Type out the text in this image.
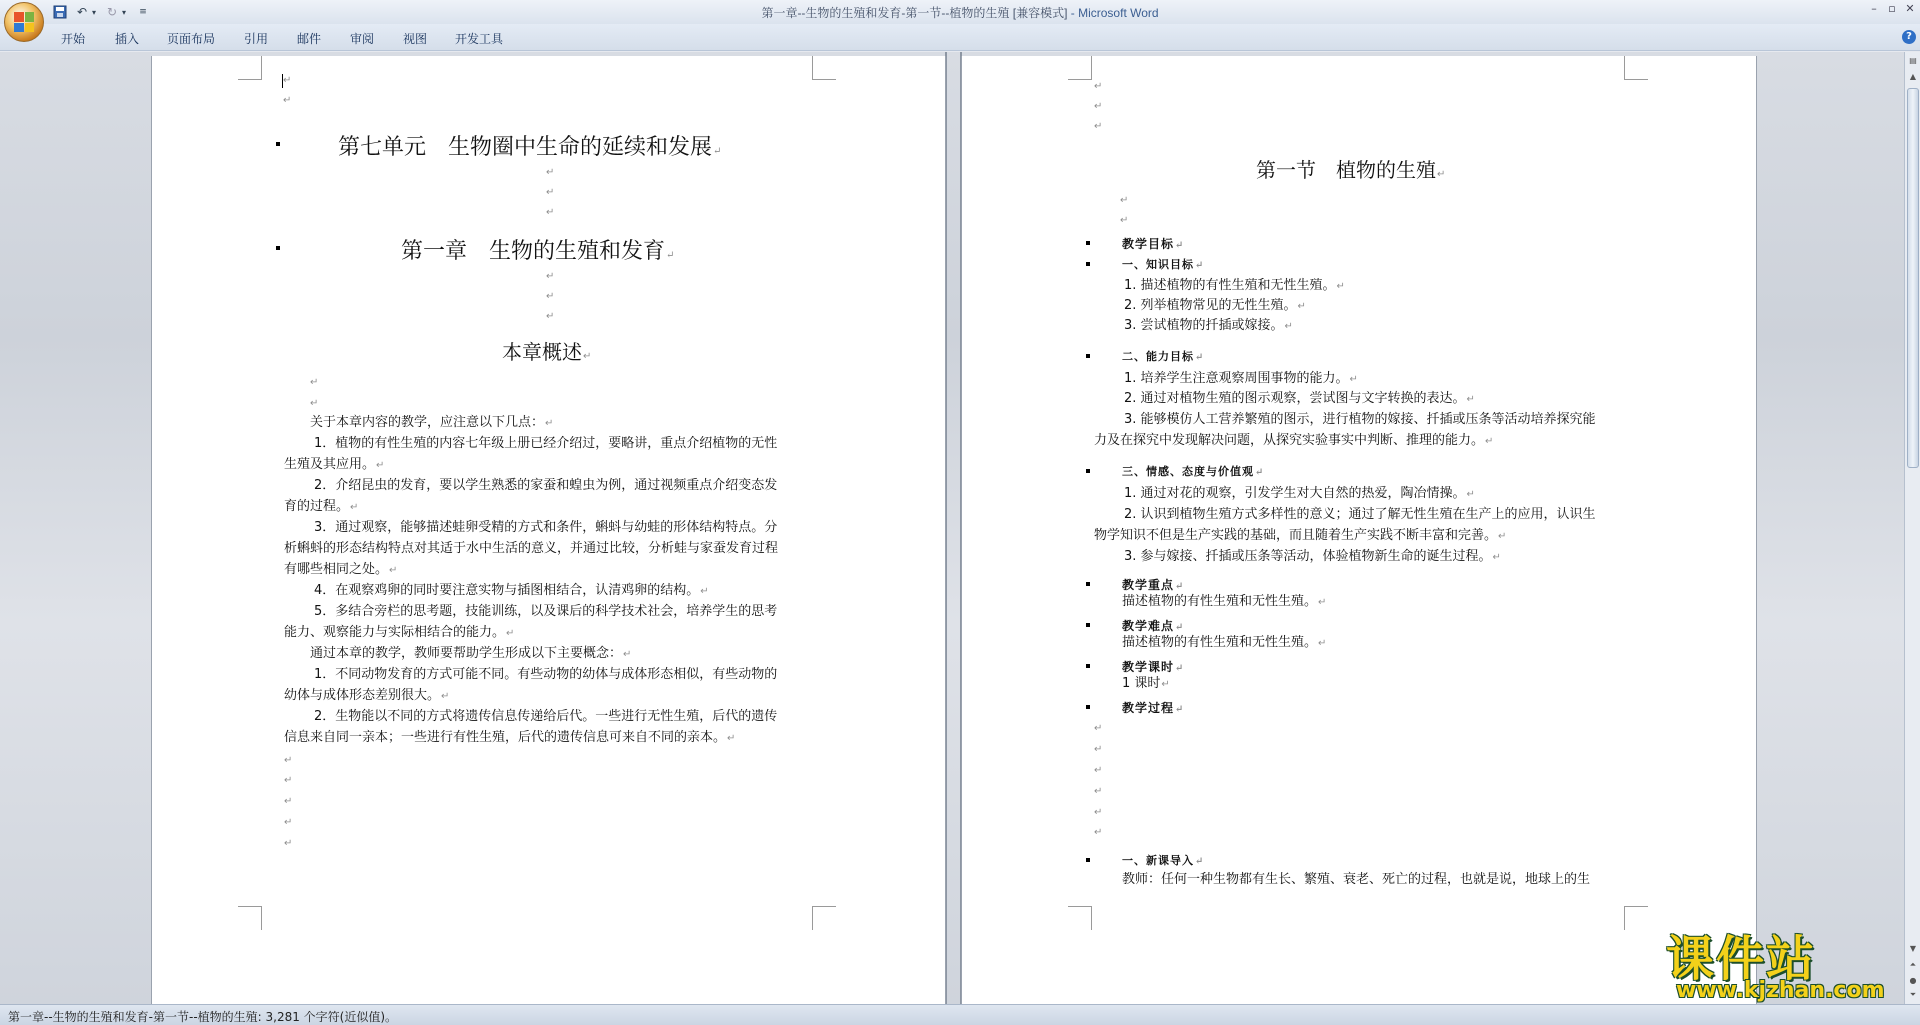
↶ ▾ ↻ ▾ ≡	第一章--生物的生殖和发育-第一节--植物的生殖 [兼容模式] - Microsoft Word	–	▫ ✕
开始 插入 页面布局 引用 邮件 审阅 视图 开发工具	?
↵
↵
第七单元　生物圈中生命的延续和发展↵
↵
↵
↵
第一章　生物的生殖和发育↵
↵
↵
↵
本章概述↵
↵
↵
关于本章内容的教学，应注意以下几点：↵
1．植物的有性生殖的内容七年级上册已经介绍过，要略讲，重点介绍植物的无性
生殖及其应用。↵
2．介绍昆虫的发育，要以学生熟悉的家蚕和蝗虫为例，通过视频重点介绍变态发
育的过程。↵
3．通过观察，能够描述蛙卵受精的方式和条件，蝌蚪与幼蛙的形体结构特点。分
析蝌蚪的形态结构特点对其适于水中生活的意义，并通过比较，分析蛙与家蚕发育过程
有哪些相同之处。↵
4．在观察鸡卵的同时要注意实物与插图相结合，认清鸡卵的结构。↵
5．多结合旁栏的思考题，技能训练，以及课后的科学技术社会，培养学生的思考
能力、观察能力与实际相结合的能力。↵
通过本章的教学，教师要帮助学生形成以下主要概念：↵
1．不同动物发育的方式可能不同。有些动物的幼体与成体形态相似，有些动物的
幼体与成体形态差别很大。↵
2．生物能以不同的方式将遗传信息传递给后代。一些进行无性生殖，后代的遗传
信息来自同一亲本；一些进行有性生殖，后代的遗传信息可来自不同的亲本。↵
↵
↵
↵
↵
↵
↵
↵
↵
第一节　植物的生殖↵
↵
↵
教学目标↵
一、知识目标↵
1. 描述植物的有性生殖和无性生殖。↵
2. 列举植物常见的无性生殖。↵
3. 尝试植物的扦插或嫁接。↵
二、能力目标↵
1. 培养学生注意观察周围事物的能力。↵
2. 通过对植物生殖的图示观察，尝试图与文字转换的表达。↵
3. 能够模仿人工营养繁殖的图示，进行植物的嫁接、扦插或压条等活动培养探究能
力及在探究中发现解决问题，从探究实验事实中判断、推理的能力。↵
三、情感、态度与价值观↵
1. 通过对花的观察，引发学生对大自然的热爱，陶冶情操。↵
2. 认识到植物生殖方式多样性的意义；通过了解无性生殖在生产上的应用，认识生
物学知识不但是生产实践的基础，而且随着生产实践不断丰富和完善。↵
3. 参与嫁接、扦插或压条等活动，体验植物新生命的诞生过程。↵
教学重点↵
描述植物的有性生殖和无性生殖。↵
教学难点↵
描述植物的有性生殖和无性生殖。↵
教学课时↵
1 课时↵
教学过程↵
↵
↵
↵
↵
↵
↵
一、新课导入↵
教师：任何一种生物都有生长、繁殖、衰老、死亡的过程，也就是说，地球上的生
▤
▲
▼
⏶
●
⏷
第一章--生物的生殖和发育-第一节--植物的生殖: 3,281 个字符(近似值)。
课件站
www.kjzhan.com
